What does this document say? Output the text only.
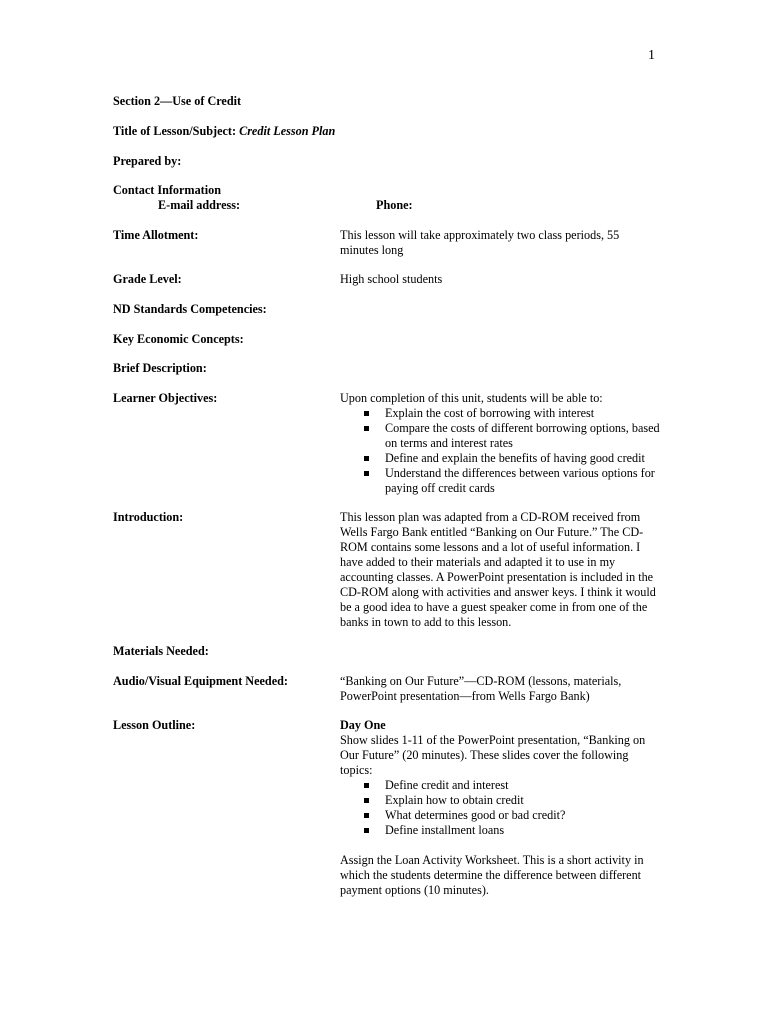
1
Section 2—Use of Credit
Title of Lesson/Subject: Credit Lesson Plan
Prepared by:
Contact Information
E-mail address:	Phone:
Time Allotment:	This lesson will take approximately two class periods, 55 minutes long
Grade Level:	High school students
ND Standards Competencies:
Key Economic Concepts:
Brief Description:
Learner Objectives:	Upon completion of this unit, students will be able to:

Explain the cost of borrowing with interest
Compare the costs of different borrowing options, based on terms and interest rates
Define and explain the benefits of having good credit
Understand the differences between various options for paying off credit cards
Introduction:	This lesson plan was adapted from a CD-ROM received from Wells Fargo Bank entitled “Banking on Our Future.” The CD-ROM contains some lessons and a lot of useful information. I have added to their materials and adapted it to use in my accounting classes. A PowerPoint presentation is included in the CD-ROM along with activities and answer keys. I think it would be a good idea to have a guest speaker come in from one of the banks in town to add to this lesson.
Materials Needed:
Audio/Visual Equipment Needed:	“Banking on Our Future”—CD-ROM (lessons, materials, PowerPoint presentation—from Wells Fargo Bank)
Lesson Outline:	Day One

Show slides 1-11 of the PowerPoint presentation, “Banking on Our Future” (20 minutes). These slides cover the following topics:

Define credit and interest
Explain how to obtain credit
What determines good or bad credit?
Define installment loans

Assign the Loan Activity Worksheet. This is a short activity in which the students determine the difference between different payment options (10 minutes).
